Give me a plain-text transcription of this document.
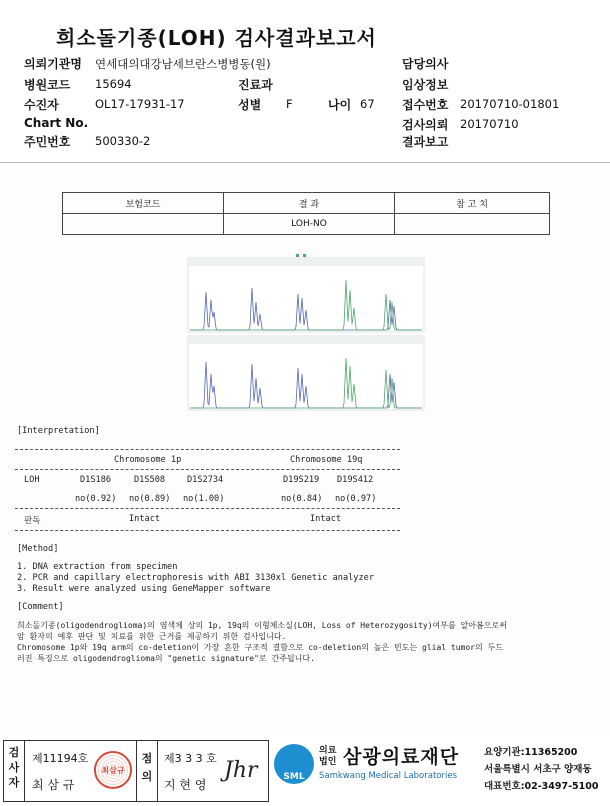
희소돌기종(LOH) 검사결과보고서
의뢰기관명 연세대의대강남세브란스병병동(원)
병원코드 15694
수진자	OL17-17931-17
Chart No.
주민번호 500330-2
진료과
성별 F	나이 67
담당의사
임상정보
접수번호 20170710-01801
검사의뢰 20170710
결과보고
보험코드	결 과	참 고 치
	LOH-NO	
[Interpretation]
Chromosome 1p	Chromosome 19q
LOH	D1S186	D1S508	D1S2734	D19S219 D19S412
no(0.92) no(0.89) no(1.00)	no(0.84) no(0.97)
판독	Intact	Intact
[Method]
1. DNA extraction from specimen
2. PCR and capillary electrophoresis with ABI 3130xl Genetic analyzer
3. Result were analyzed using GeneMapper software
[Comment]
희소돌기종(oligodendroglioma)의 염색체 상의 1p, 19q의 이형체소실(LOH, Loss of Heterozygosity)여부를 알아봄으로써
암 환자의 예후 판단 및 치료를 위한 근거를 제공하기 위한 검사입니다.
Chromosome 1p와 19q arm의 co-deletion이 가장 흔한 구조적 결함으로 co-deletion의 높은 빈도는 glial tumor의 두드
러진 특징으로 oligodendroglioma의 "genetic signature"로 간주됩니다.
검
사
자
제11194호
최 삼 규
최삼규
점
의
제3 3 3 호
지 현 영
Jhr	SML
의료
법인 삼광의료재단
Samkwang Medical Laboratories
요양기관:11365200
서울특별시 서초구 양재동
대표번호:02-3497-5100
